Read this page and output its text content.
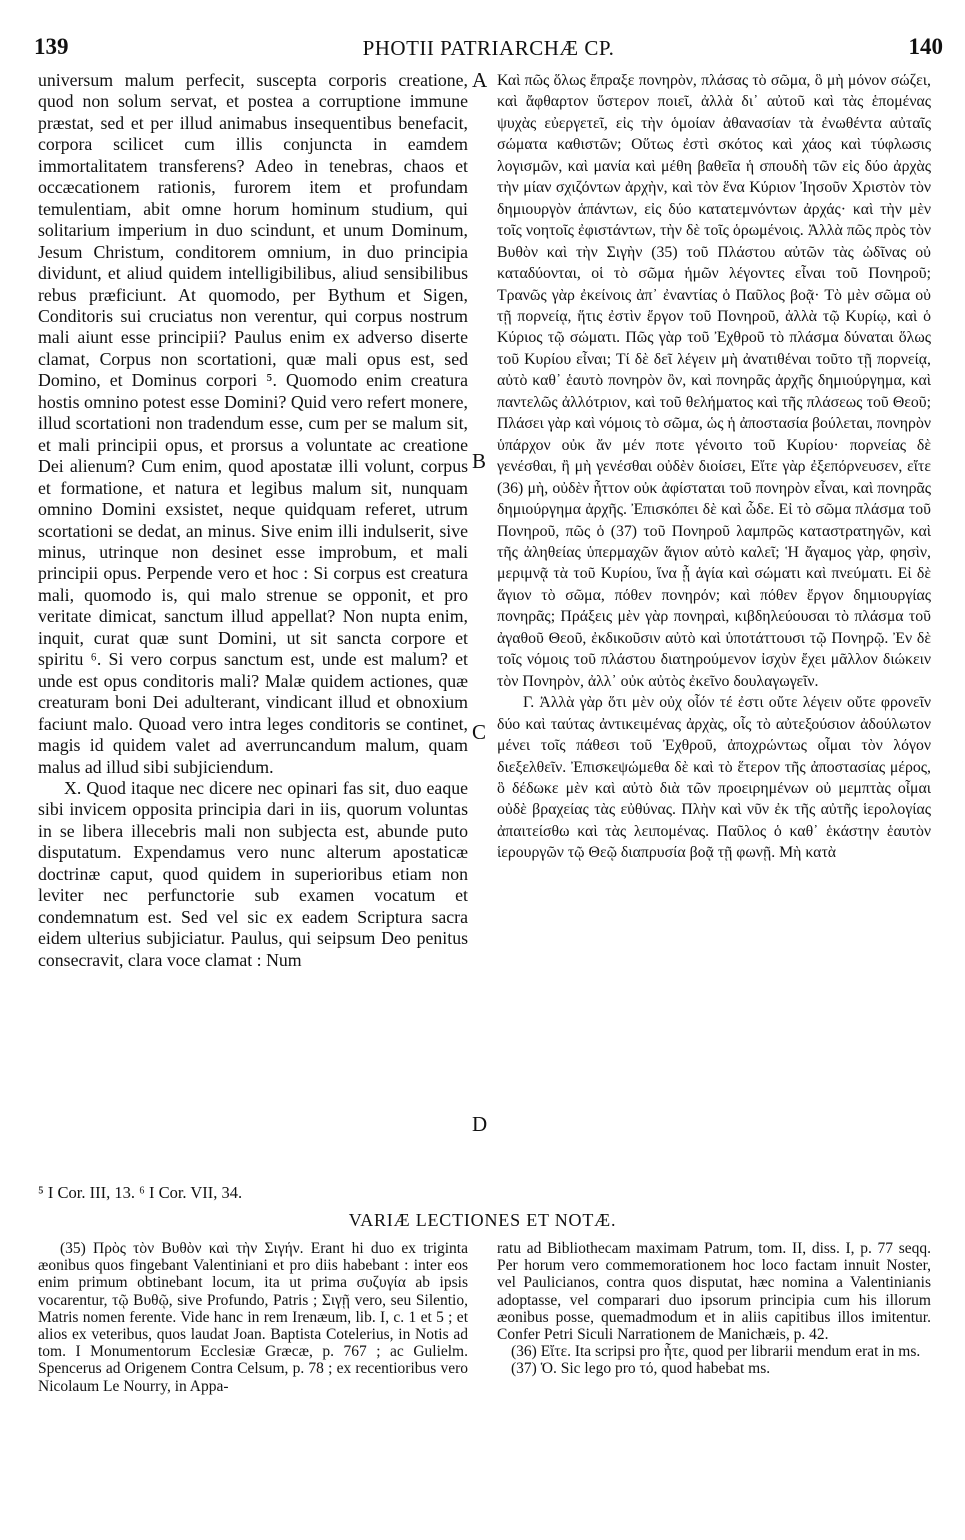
139	PHOTII PATRIARCHÆ CP.	140

universum malum perfecit, suscepta corporis creatione, quod non solum servat, et postea a corruptione immune præstat, sed et per illud animabus insequentibus benefacit, corpora scilicet cum illis conjuncta in eamdem immortalitatem transferens? Adeo in tenebras, chaos et occæcationem rationis, furorem item et profundam temulentiam, abit omne horum hominum studium, qui solitarium imperium in duo scindunt, et unum Dominum, Jesum Christum, conditorem omnium, in duo principia dividunt, et aliud quidem intelligibilibus, aliud sensibilibus rebus præficiunt. At quomodo, per Bythum et Sigen, Conditoris sui cruciatus non verentur, qui corpus nostrum mali aiunt esse principii? Paulus enim ex adverso diserte clamat, Corpus non scortationi, quæ mali opus est, sed Domino, et Dominus corpori ⁵. Quomodo enim creatura hostis omnino potest esse Domini? Quid vero refert monere, illud scortationi non tradendum esse, cum per se malum sit, et mali principii opus, et prorsus a voluntate ac creatione Dei alienum? Cum enim, quod apostatæ illi volunt, corpus et formatione, et natura et legibus malum sit, nunquam omnino Domini exsistet, neque quidquam referet, utrum scortationi se dedat, an minus. Sive enim illi indulserit, sive minus, utrinque non desinet esse improbum, et mali principii opus. Perpende vero et hoc : Si corpus est creatura mali, quomodo is, qui malo strenue se opponit, et pro veritate dimicat, sanctum illud appellat? Non nupta enim, inquit, curat quæ sunt Domini, ut sit sancta corpore et spiritu ⁶. Si vero corpus sanctum est, unde est malum? et unde est opus conditoris mali? Malæ quidem actiones, quæ creaturam boni Dei adulterant, vindicant illud et obnoxium faciunt malo. Quoad vero intra leges conditoris se continet, magis id quidem valet ad averruncandum malum, quam malus ad illud sibi subjiciendum.

X. Quod itaque nec dicere nec opinari fas sit, duo eaque sibi invicem opposita principia dari in iis, quorum voluntas in se libera illecebris mali non subjecta est, abunde puto disputatum. Expendamus vero nunc alterum apostaticæ doctrinæ caput, quod quidem in superioribus etiam non leviter nec perfunctorie sub examen vocatum et condemnatum est. Sed vel sic ex eadem Scriptura sacra eidem ulterius subjiciatur. Paulus, qui seipsum Deo penitus consecravit, clara voce clamat : Num

A
B
C
D

Καὶ πῶς ὅλως ἔπραξε πονηρὸν, πλάσας τὸ σῶμα, ὃ μὴ μόνον σώζει, καὶ ἄφθαρτον ὕστερον ποιεῖ, ἀλλὰ δι᾽ αὐτοῦ καὶ τὰς ἑπομένας ψυχὰς εὐεργετεῖ, εἰς τὴν ὁμοίαν ἀθανασίαν τὰ ἐνωθέντα αὐταῖς σώματα καθιστῶν; Οὕτως ἐστὶ σκότος καὶ χάος καὶ τύφλωσις λογισμῶν, καὶ μανία καὶ μέθη βαθεῖα ἡ σπουδὴ τῶν εἰς δύο ἀρχὰς τὴν μίαν σχιζόντων ἀρχὴν, καὶ τὸν ἕνα Κύριον Ἰησοῦν Χριστὸν τὸν δημιουργὸν ἁπάντων, εἰς δύο κατατεμνόντων ἀρχάς· καὶ τὴν μὲν τοῖς νοητοῖς ἐφιστάντων, τὴν δὲ τοῖς ὁρωμένοις. Ἀλλὰ πῶς πρὸς τὸν Βυθὸν καὶ τὴν Σιγὴν (35) τοῦ Πλάστου αὐτῶν τὰς ὠδῖνας οὐ καταδύονται, οἱ τὸ σῶμα ἡμῶν λέγοντες εἶναι τοῦ Πονηροῦ; Τρανῶς γὰρ ἐκείνοις ἀπ᾽ ἐναντίας ὁ Παῦλος βοᾷ· Τὸ μὲν σῶμα οὐ τῇ πορνείᾳ, ἥτις ἐστὶν ἔργον τοῦ Πονηροῦ, ἀλλὰ τῷ Κυρίῳ, καὶ ὁ Κύριος τῷ σώματι. Πῶς γὰρ τοῦ Ἐχθροῦ τὸ πλάσμα δύναται ὅλως τοῦ Κυρίου εἶναι; Τί δὲ δεῖ λέγειν μὴ ἀνατιθέναι τοῦτο τῇ πορνείᾳ, αὐτὸ καθ᾽ ἑαυτὸ πονηρὸν ὂν, καὶ πονηρᾶς ἀρχῆς δημιούργημα, καὶ παντελῶς ἀλλότριον, καὶ τοῦ θελήματος καὶ τῆς πλάσεως τοῦ Θεοῦ; Πλάσει γὰρ καὶ νόμοις τὸ σῶμα, ὡς ἡ ἀποστασία βούλεται, πονηρὸν ὑπάρχον οὐκ ἄν μέν ποτε γένοιτο τοῦ Κυρίου· πορνείας δὲ γενέσθαι, ἢ μὴ γενέσθαι οὐδὲν διοίσει, Εἴτε γὰρ ἐξεπόρνευσεν, εἴτε (36) μὴ, οὐδὲν ἧττον οὐκ ἀφίσταται τοῦ πονηρὸν εἶναι, καὶ πονηρᾶς δημιούργημα ἀρχῆς. Ἐπισκόπει δὲ καὶ ὧδε. Εἰ τὸ σῶμα πλάσμα τοῦ Πονηροῦ, πῶς ὁ (37) τοῦ Πονηροῦ λαμπρῶς καταστρατηγῶν, καὶ τῆς ἀληθείας ὑπερμαχῶν ἅγιον αὐτὸ καλεῖ; Ἡ ἄγαμος γὰρ, φησὶν, μεριμνᾷ τὰ τοῦ Κυρίου, ἵνα ᾖ ἁγία καὶ σώματι καὶ πνεύματι. Εἰ δὲ ἅγιον τὸ σῶμα, πόθεν πονηρόν; καὶ πόθεν ἔργον δημιουργίας πονηρᾶς; Πράξεις μὲν γὰρ πονηραὶ, κιβδηλεύουσαι τὸ πλάσμα τοῦ ἀγαθοῦ Θεοῦ, ἐκδικοῦσιν αὐτὸ καὶ ὑποτάττουσι τῷ Πονηρῷ. Ἐν δὲ τοῖς νόμοις τοῦ πλάστου διατηρούμενον ἰσχὺν ἔχει μᾶλλον διώκειν τὸν Πονηρὸν, ἀλλ᾽ οὐκ αὐτὸς ἐκεῖνο δουλαγωγεῖν.

Γ. Ἀλλὰ γὰρ ὅτι μὲν οὐχ οἷόν τέ ἐστι οὔτε λέγειν οὔτε φρονεῖν δύο καὶ ταύτας ἀντικειμένας ἀρχὰς, οἷς τὸ αὐτεξούσιον ἀδούλωτον μένει τοῖς πάθεσι τοῦ Ἐχθροῦ, ἀποχρώντως οἶμαι τὸν λόγον διεξελθεῖν. Ἐπισκεψώμεθα δὲ καὶ τὸ ἕτερον τῆς ἀποστασίας μέρος, ὃ δέδωκε μὲν καὶ αὐτὸ διὰ τῶν προειρημένων οὐ μεμπτὰς οἶμαι οὐδὲ βραχείας τὰς εὐθύνας. Πλὴν καὶ νῦν ἐκ τῆς αὐτῆς ἱερολογίας ἀπαιτείσθω καὶ τὰς λειπομένας. Παῦλος ὁ καθ᾽ ἑκάστην ἑαυτὸν ἱερουργῶν τῷ Θεῷ διαπρυσία βοᾷ τῇ φωνῇ. Μὴ κατὰ

⁵ I Cor. III, 13. ⁶ I Cor. VII, 34.
VARIÆ LECTIONES ET NOTÆ.

(35) Πρὸς τὸν Βυθὸν καὶ τὴν Σιγήν. Erant hi duo ex triginta æonibus quos fingebant Valentiniani et pro diis habebant : inter eos enim primum obtinebant locum, ita ut prima συζυγία ab ipsis vocarentur, τῷ Βυθῷ, sive Profundo, Patris ; Σιγῇ vero, seu Silentio, Matris nomen ferente. Vide hanc in rem Irenæum, lib. I, c. 1 et 5 ; et alios ex veteribus, quos laudat Joan. Baptista Cotelerius, in Notis ad tom. I Monumentorum Ecclesiæ Græcæ, p. 767 ; ac Gulielm. Spencerus ad Origenem Contra Celsum, p. 78 ; ex recentioribus vero Nicolaum Le Nourry, in Appa-

ratu ad Bibliothecam maximam Patrum, tom. II, diss. I, p. 77 seqq. Per horum vero commemorationem hoc loco factam innuit Noster, vel Paulicianos, contra quos disputat, hæc nomina a Valentinianis adoptasse, vel comparari duo ipsorum principia cum his illorum æonibus posse, quemadmodum et in aliis capitibus illos imitentur. Confer Petri Siculi Narrationem de Manichæis, p. 42.

(36) Εἴτε. Ita scripsi pro ἦτε, quod per librarii mendum erat in ms.

(37) Ὁ. Sic lego pro τό, quod habebat ms.
